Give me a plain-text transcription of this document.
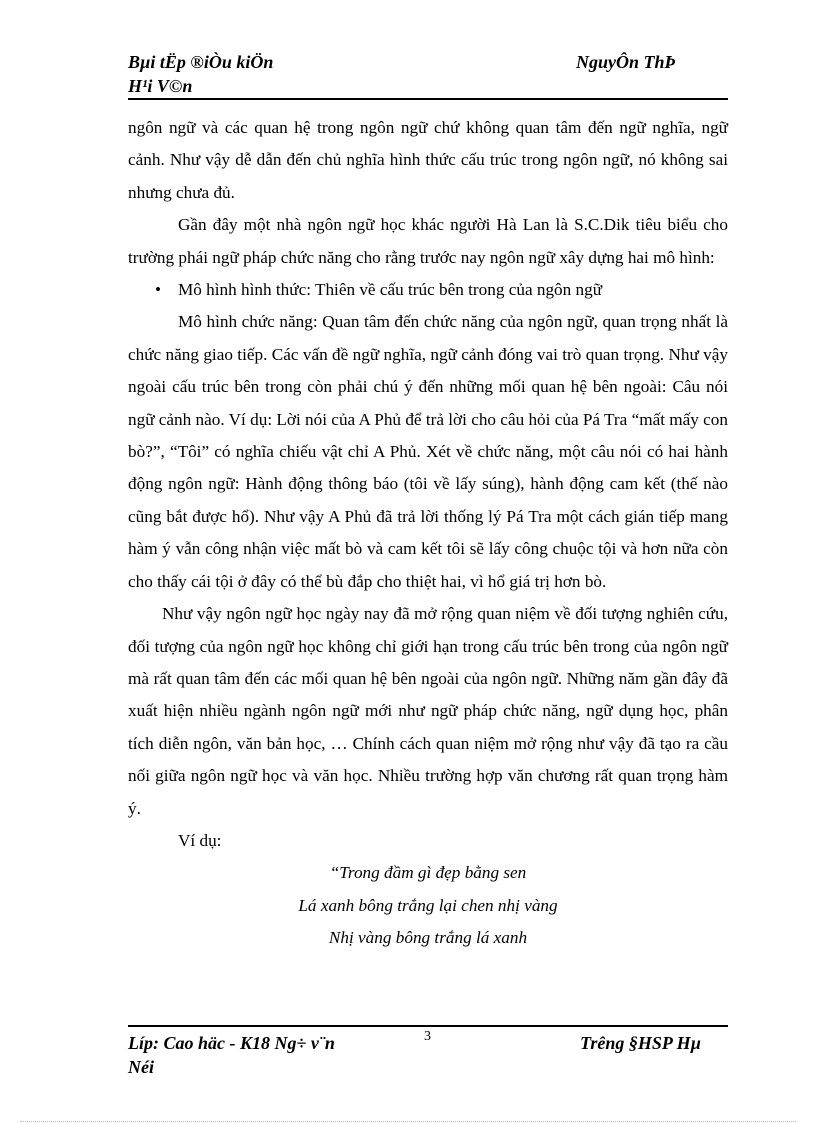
Bµi tËp ®iÒu kiÖn
H¹i V©n
NguyÔn ThÞ

ngôn ngữ và các quan hệ trong ngôn ngữ chứ không quan tâm đến ngữ nghĩa, ngữ cảnh. Như vậy dễ dẫn đến chủ nghĩa hình thức cấu trúc trong ngôn ngữ, nó không sai nhưng chưa đủ.

Gần đây một nhà ngôn ngữ học khác người Hà Lan là S.C.Dik tiêu biểu cho trường phái ngữ pháp chức năng cho rằng trước nay ngôn ngữ xây dựng hai mô hình:

• Mô hình hình thức: Thiên về cấu trúc bên trong của ngôn ngữ

Mô hình chức năng: Quan tâm đến chức năng của ngôn ngữ, quan trọng nhất là chức năng giao tiếp. Các vấn đề ngữ nghĩa, ngữ cảnh đóng vai trò quan trọng. Như vậy ngoài cấu trúc bên trong còn phải chú ý đến những mối quan hệ bên ngoài: Câu nói ngữ cảnh nào. Ví dụ: Lời nói của A Phủ để trả lời cho câu hỏi của Pá Tra “mất mấy con bò?”, “Tôi” có nghĩa chiếu vật chỉ A Phủ. Xét về chức năng, một câu nói có hai hành động ngôn ngữ: Hành động thông báo (tôi về lấy súng), hành động cam kết (thế nào cũng bắt được hổ). Như vậy A Phủ đã trả lời thống lý Pá Tra một cách gián tiếp mang hàm ý vẫn công nhận việc mất bò và cam kết tôi sẽ lấy công chuộc tội và hơn nữa còn cho thấy cái tội ở đây có thể bù đắp cho thiệt hai, vì hổ giá trị hơn bò.

Như vậy ngôn ngữ học ngày nay đã mở rộng quan niệm về đối tượng nghiên cứu, đối tượng của ngôn ngữ học không chỉ giới hạn trong cấu trúc bên trong của ngôn ngữ mà rất quan tâm đến các mối quan hệ bên ngoài của ngôn ngữ. Những năm gần đây đã xuất hiện nhiều ngành ngôn ngữ mới như ngữ pháp chức năng, ngữ dụng học, phân tích diễn ngôn, văn bản học, … Chính cách quan niệm mở rộng như vậy đã tạo ra cầu nối giữa ngôn ngữ học và văn học. Nhiều trường hợp văn chương rất quan trọng hàm ý.

Ví dụ:

“Trong đầm gì đẹp bằng sen

Lá xanh bông trắng lại chen nhị vàng

Nhị vàng bông trắng lá xanh

Líp: Cao häc - K18 Ng÷ v¨n
Néi
3	Trêng §HSP Hµ
